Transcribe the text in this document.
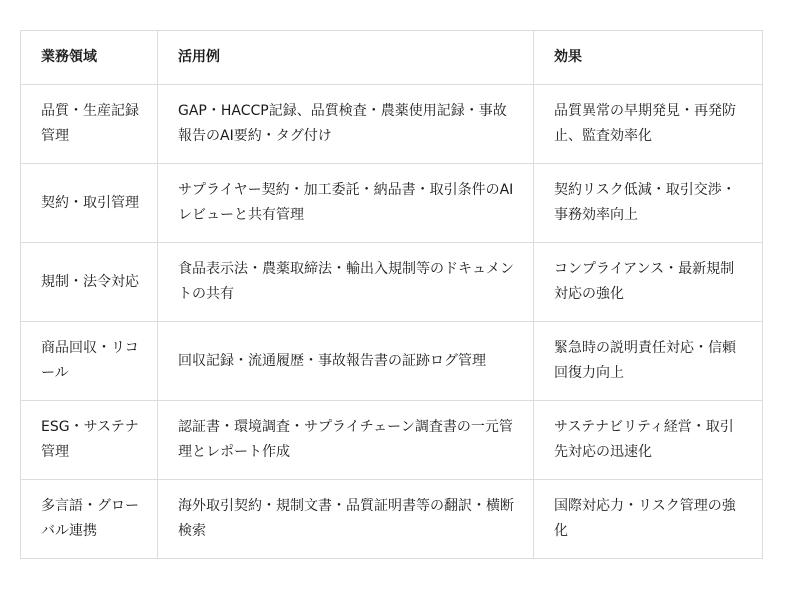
業務領域	活用例	効果
品質・生産記録管理	GAP・HACCP記録、品質検査・農薬使用記録・事故報告のAI要約・タグ付け	品質異常の早期発見・再発防止、監査効率化
契約・取引管理	サプライヤー契約・加工委託・納品書・取引条件のAIレビューと共有管理	契約リスク低減・取引交渉・事務効率向上
規制・法令対応	食品表示法・農薬取締法・輸出入規制等のドキュメントの共有	コンプライアンス・最新規制対応の強化
商品回収・リコール	回収記録・流通履歴・事故報告書の証跡ログ管理	緊急時の説明責任対応・信頼回復力向上
ESG・サステナ管理	認証書・環境調査・サプライチェーン調査書の一元管理とレポート作成	サステナビリティ経営・取引先対応の迅速化
多言語・グローバル連携	海外取引契約・規制文書・品質証明書等の翻訳・横断検索	国際対応力・リスク管理の強化
